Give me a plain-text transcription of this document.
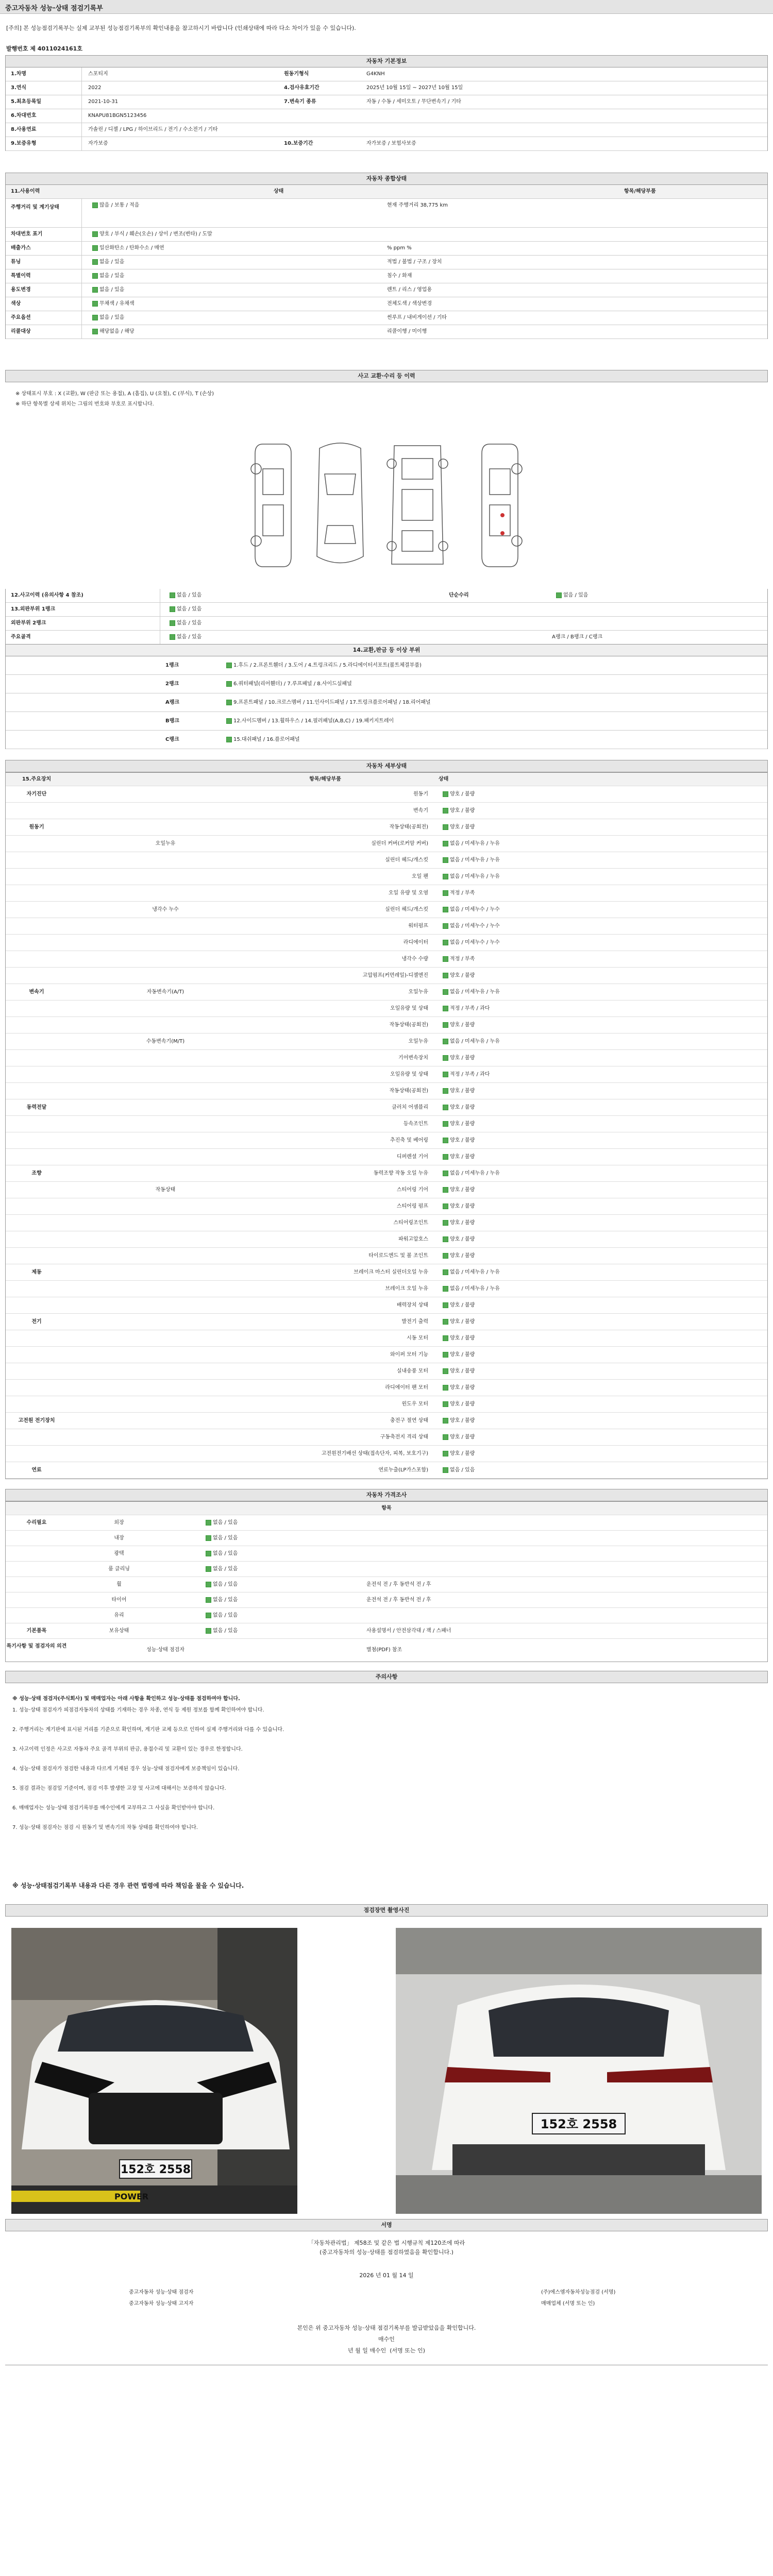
중고자동차 성능·상태 점검기록부
[주의] 본 성능점검기록부는 실제 교부된 성능점검기록부의 확인내용을 참고하시기 바랍니다 (인쇄상태에 따라 다소 차이가 있을 수 있습니다).
발행번호 제 4011024161호
자동차 기본정보
1.차명	스포티지	원동기형식	G4KNH
3.연식	2022	4.검사유효기간	2025년 10월 15일 ~ 2027년 10월 15일
5.최초등록일	2021-10-31	7.변속기 종류	자동 / 수동 / 세미오토 / 무단변속기 / 기타
6.차대번호	KNAPU81BGN5123456
8.사용연료	가솔린 / 디젤 / LPG / 하이브리드 / 전기 / 수소전기 / 기타
9.보증유형	자가보증	10.보증기간	자가보증 / 보험사보증
자동차 종합상태
11.사용이력	상태	항목/해당부품
주행거리 및 계기상태	많음 / 보통 / 적음	현재 주행거리 38,775 km
차대번호 표기	양호 / 부식 / 훼손(오손) / 상이 / 변조(변타) / 도말
배출가스	일산화탄소 / 탄화수소 / 매연	% ppm %
튜닝	없음 / 있음	적법 / 불법 / 구조 / 장치
특별이력	없음 / 있음	침수 / 화재
용도변경	없음 / 있음	렌트 / 리스 / 영업용
색상	무채색 / 유채색	전체도색 / 색상변경
주요옵션	없음 / 있음	썬루프 / 내비게이션 / 기타
리콜대상	해당없음 / 해당	리콜이행 / 미이행
사고 교환·수리 등 이력
※ 상태표시 부호 : X (교환), W (판금 또는 용접), A (흠집), U (요철), C (부식), T (손상)
※ 하단 항목별 상세 위치는 그림의 번호와 부호로 표시합니다.
12.사고이력 (유의사항 4 참조)	없음 / 있음	단순수리	없음 / 있음
13.외판부위 1랭크	없음 / 있음
외판부위 2랭크	없음 / 있음
주요골격	없음 / 있음	A랭크 / B랭크 / C랭크
14.교환,판금 등 이상 부위
1랭크	1.후드 / 2.프론트휀더 / 3.도어 / 4.트렁크리드 / 5.라디에이터서포트(볼트체결부품)
2랭크	6.쿼터패널(리어휀더) / 7.루프패널 / 8.사이드실패널
A랭크	9.프론트패널 / 10.크로스멤버 / 11.인사이드패널 / 17.트렁크플로어패널 / 18.리어패널
B랭크	12.사이드멤버 / 13.휠하우스 / 14.필러패널(A,B,C) / 19.패키지트레이
C랭크	15.대쉬패널 / 16.플로어패널
자동차 세부상태
15.주요장치	항목/해당부품	상태
자기진단	원동기	양호 / 불량
변속기	양호 / 불량
원동기	작동상태(공회전)	양호 / 불량
오일누유	실린더 커버(로커암 커버)	없음 / 미세누유 / 누유
실린더 헤드/개스킷	없음 / 미세누유 / 누유
오일 팬	없음 / 미세누유 / 누유
오일 유량 및 오염	적정 / 부족
냉각수 누수	실린더 헤드/개스킷	없음 / 미세누수 / 누수
워터펌프	없음 / 미세누수 / 누수
라디에이터	없음 / 미세누수 / 누수
냉각수 수량	적정 / 부족
고압펌프(커먼레일)-디젤엔진	양호 / 불량
변속기	자동변속기(A/T)	오일누유	없음 / 미세누유 / 누유
오일유량 및 상태	적정 / 부족 / 과다
작동상태(공회전)	양호 / 불량
수동변속기(M/T)	오일누유	없음 / 미세누유 / 누유
기어변속장치	양호 / 불량
오일유량 및 상태	적정 / 부족 / 과다
작동상태(공회전)	양호 / 불량
동력전달	클러치 어셈블리	양호 / 불량
등속조인트	양호 / 불량
추진축 및 베어링	양호 / 불량
디퍼렌셜 기어	양호 / 불량
조향	동력조향 작동 오일 누유	없음 / 미세누유 / 누유
작동상태	스티어링 기어	양호 / 불량
스티어링 펌프	양호 / 불량
스티어링조인트	양호 / 불량
파워고압호스	양호 / 불량
타이로드엔드 및 볼 조인트	양호 / 불량
제동	브레이크 마스터 실린더오일 누유	없음 / 미세누유 / 누유
브레이크 오일 누유	없음 / 미세누유 / 누유
배력장치 상태	양호 / 불량
전기	발전기 출력	양호 / 불량
시동 모터	양호 / 불량
와이퍼 모터 기능	양호 / 불량
실내송풍 모터	양호 / 불량
라디에이터 팬 모터	양호 / 불량
윈도우 모터	양호 / 불량
고전원 전기장치	충전구 절연 상태	양호 / 불량
구동축전지 격리 상태	양호 / 불량
고전원전기배선 상태(접속단자, 피복, 보호기구)	양호 / 불량
연료	연료누출(LP가스포함)	없음 / 있음
자동차 가격조사
항목
수리필요	외장	없음 / 있음
내장	없음 / 있음
광택	없음 / 있음
룸 클리닝	없음 / 있음
휠	없음 / 있음	운전석 전 / 후 동반석 전 / 후
타이어	없음 / 있음	운전석 전 / 후 동반석 전 / 후
유리	없음 / 있음
기본품목	보유상태	없음 / 있음	사용설명서 / 안전삼각대 / 잭 / 스패너
특기사항 및 점검자의 의견
성능·상태 점검자	별첨(PDF) 참조
주의사항
※ 성능·상태 점검자(주식회사) 및 매매업자는 아래 사항을 확인하고 성능·상태를 점검하여야 합니다.
1. 성능·상태 점검자가 피점검자동차의 상태를 기재하는 경우 차종, 연식 등 제원 정보를 함께 확인하여야 합니다.
2. 주행거리는 계기판에 표시된 거리를 기준으로 확인하며, 계기판 교체 등으로 인하여 실제 주행거리와 다를 수 있습니다.
3. 사고이력 인정은 사고로 자동차 주요 골격 부위의 판금, 용접수리 및 교환이 있는 경우로 한정합니다.
4. 성능·상태 점검자가 점검한 내용과 다르게 기재된 경우 성능·상태 점검자에게 보증책임이 있습니다.
5. 점검 결과는 점검일 기준이며, 점검 이후 발생한 고장 및 사고에 대해서는 보증하지 않습니다.
6. 매매업자는 성능·상태 점검기록부를 매수인에게 교부하고 그 사실을 확인받아야 합니다.
7. 성능·상태 점검자는 점검 시 원동기 및 변속기의 작동 상태를 확인하여야 합니다.
※ 성능·상태점검기록부 내용과 다른 경우 관련 법령에 따라 책임을 물을 수 있습니다.
점검장면 촬영사진
152호 2558
POWER
152호 2558
서명
「자동차관리법」 제58조 및 같은 법 시행규칙 제120조에 따라
(중고자동차의 성능·상태를 점검하였음을 확인합니다.)
2026 년 01 월 14 일
중고자동차 성능·상태 점검자
중고자동차 성능·상태 고지자
(주)에스엠자동차성능점검 (서명)
매매업체 (서명 또는 인)
본인은 위 중고자동차 성능·상태 점검기록부를 발급받았음을 확인합니다.
매수인
년 월 일 매수인 (서명 또는 인)
